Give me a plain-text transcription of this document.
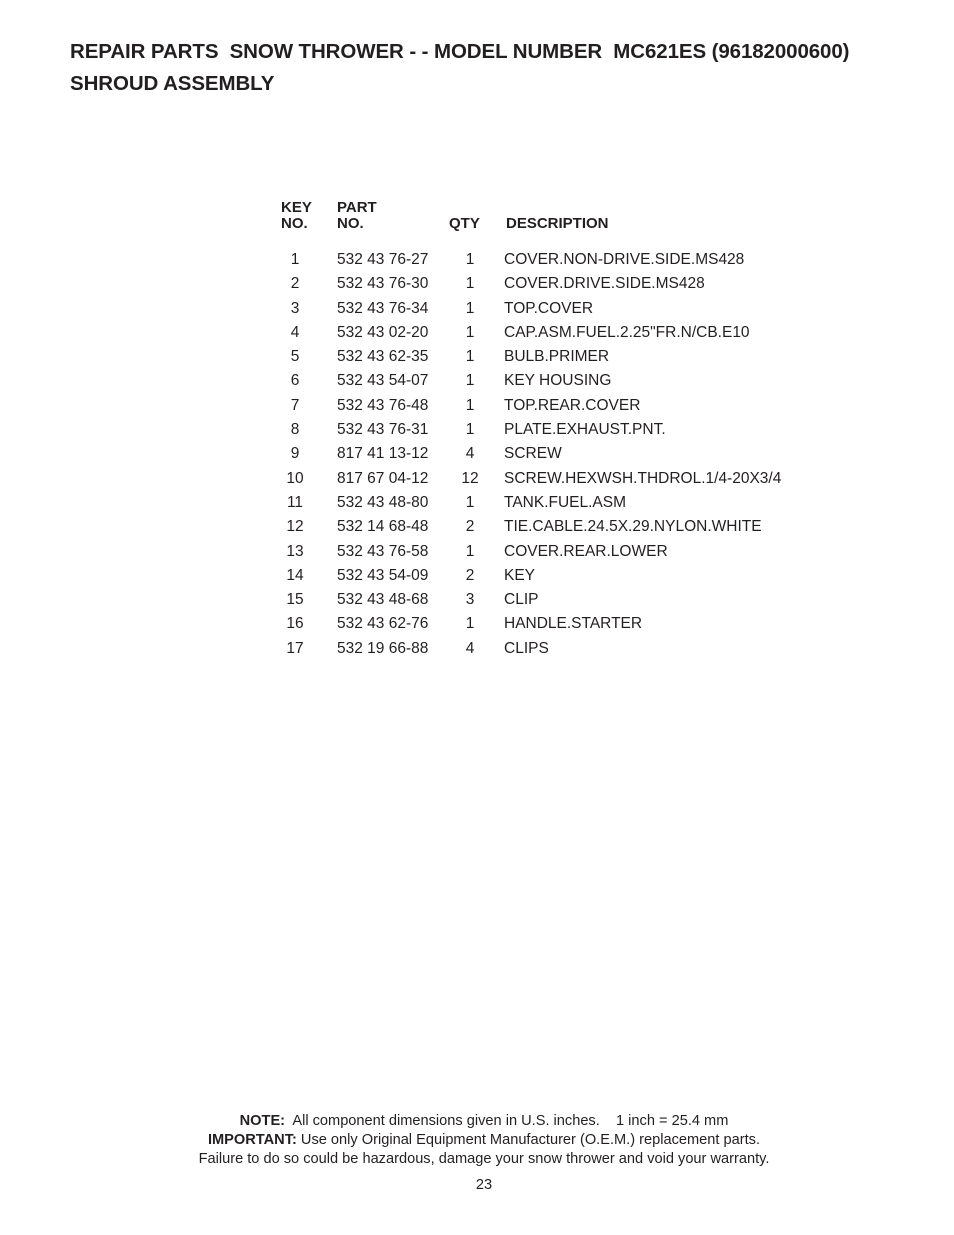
REPAIR PARTS  SNOW THROWER - - MODEL NUMBER  MC621ES (96182000600)
SHROUD ASSEMBLY
KEY
NO.
PART
NO.	QTY DESCRIPTION
1	532 43 76-27	1	COVER.NON-DRIVE.SIDE.MS428
2	532 43 76-30	1	COVER.DRIVE.SIDE.MS428
3	532 43 76-34	1	TOP.COVER
4	532 43 02-20	1	CAP.ASM.FUEL.2.25"FR.N/CB.E10
5	532 43 62-35	1	BULB.PRIMER
6	532 43 54-07	1	KEY HOUSING
7	532 43 76-48	1	TOP.REAR.COVER
8	532 43 76-31	1	PLATE.EXHAUST.PNT.
9	817 41 13-12	4	SCREW
10	817 67 04-12	12	SCREW.HEXWSH.THDROL.1/4-20X3/4
11	532 43 48-80	1	TANK.FUEL.ASM
12	532 14 68-48	2	TIE.CABLE.24.5X.29.NYLON.WHITE
13	532 43 76-58	1	COVER.REAR.LOWER
14	532 43 54-09	2	KEY
15	532 43 48-68	3	CLIP
16	532 43 62-76	1	HANDLE.STARTER
17	532 19 66-88	4	CLIPS
NOTE:  All component dimensions given in U.S. inches.    1 inch = 25.4 mm
IMPORTANT: Use only Original Equipment Manufacturer (O.E.M.) replacement parts.
Failure to do so could be hazardous, damage your snow thrower and void your warranty.
23
